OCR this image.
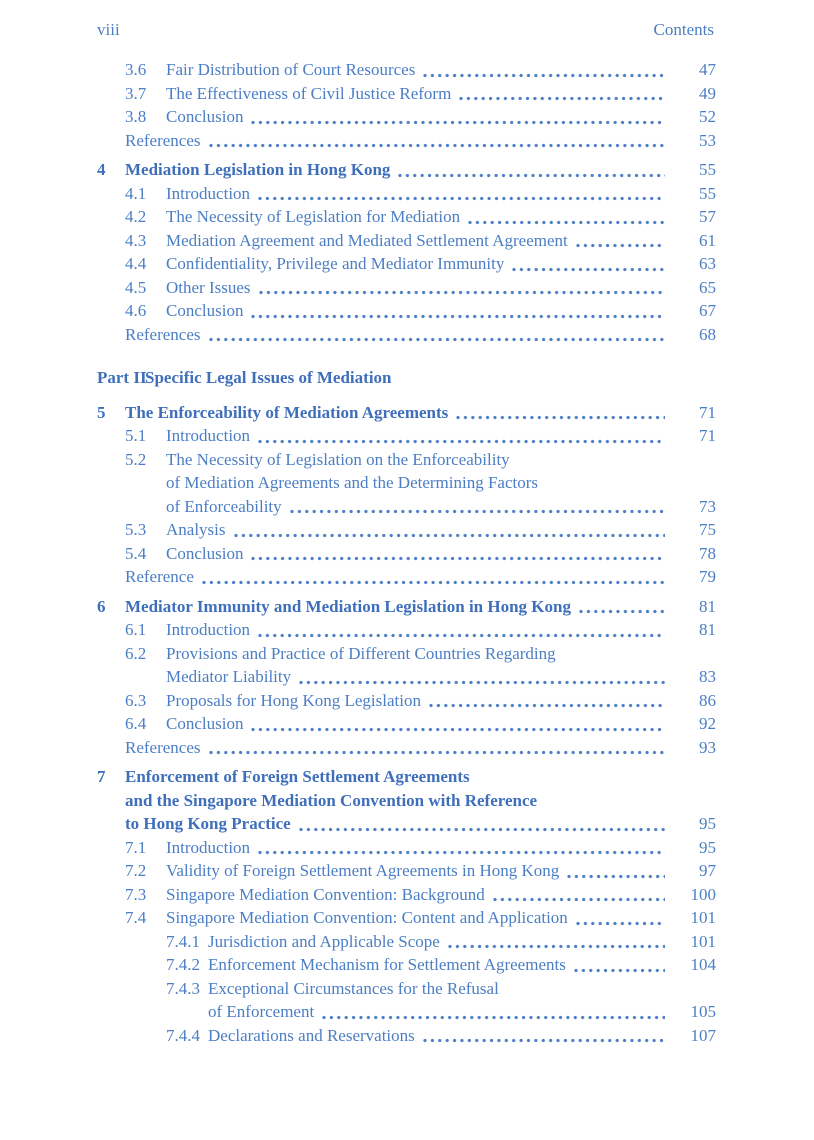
viii	Contents
3.6	Fair Distribution of Court Resources	47
3.7	The Effectiveness of Civil Justice Reform	49
3.8	Conclusion	52
References	53
4	Mediation Legislation in Hong Kong	55
4.1	Introduction	55
4.2	The Necessity of Legislation for Mediation	57
4.3	Mediation Agreement and Mediated Settlement Agreement	61
4.4	Confidentiality, Privilege and Mediator Immunity	63
4.5	Other Issues	65
4.6	Conclusion	67
References	68
Part II
Specific Legal Issues of Mediation
5	The Enforceability of Mediation Agreements	71
5.1	Introduction	71
5.2	The Necessity of Legislation on the Enforceability
of Mediation Agreements and the Determining Factors
of Enforceability	73
5.3	Analysis	75
5.4	Conclusion	78
Reference	79
6	Mediator Immunity and Mediation Legislation in Hong Kong	81
6.1	Introduction	81
6.2	Provisions and Practice of Different Countries Regarding
Mediator Liability	83
6.3	Proposals for Hong Kong Legislation	86
6.4	Conclusion	92
References	93
7	Enforcement of Foreign Settlement Agreements
and the Singapore Mediation Convention with Reference
to Hong Kong Practice	95
7.1	Introduction	95
7.2	Validity of Foreign Settlement Agreements in Hong Kong	97
7.3	Singapore Mediation Convention: Background	100
7.4	Singapore Mediation Convention: Content and Application	101
7.4.1 Jurisdiction and Applicable Scope	101
7.4.2 Enforcement Mechanism for Settlement Agreements	104
7.4.3 Exceptional Circumstances for the Refusal
of Enforcement	105
7.4.4 Declarations and Reservations	107
